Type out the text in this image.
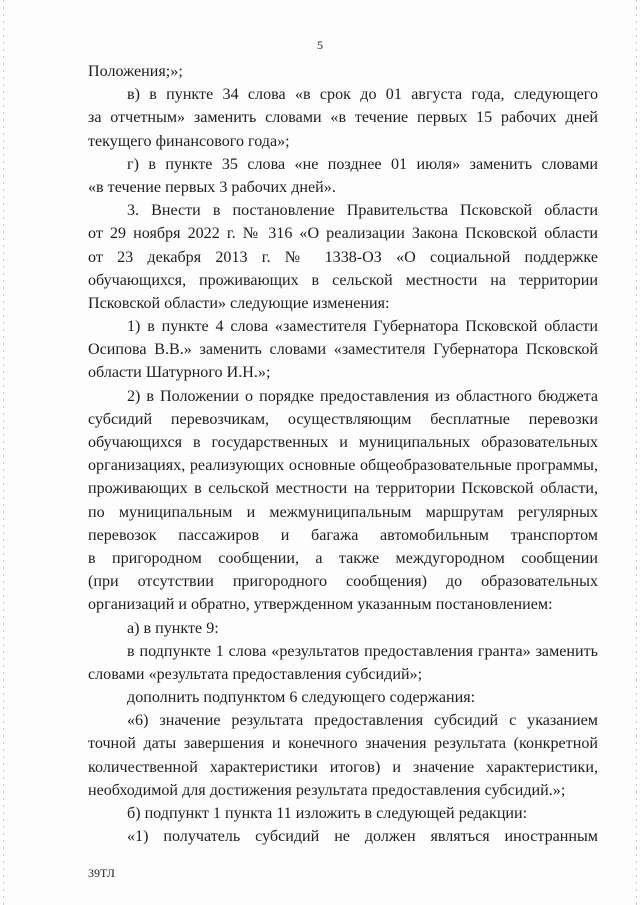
5
Положения;»;
в) в пункте 34 слова «в срок до 01 августа года, следующего
за отчетным» заменить словами «в течение первых 15 рабочих дней
текущего финансового года»;
г) в пункте 35 слова «не позднее 01 июля» заменить словами
«в течение первых 3 рабочих дней».
3. Внести в постановление Правительства Псковской области
от 29 ноября 2022 г. № 316 «О реализации Закона Псковской области
от 23 декабря 2013 г. № 1338-ОЗ «О социальной поддержке
обучающихся, проживающих в сельской местности на территории
Псковской области» следующие изменения:
1) в пункте 4 слова «заместителя Губернатора Псковской области
Осипова В.В.» заменить словами «заместителя Губернатора Псковской
области Шатурного И.Н.»;
2) в Положении о порядке предоставления из областного бюджета
субсидий перевозчикам, осуществляющим бесплатные перевозки
обучающихся в государственных и муниципальных образовательных
организациях, реализующих основные общеобразовательные программы,
проживающих в сельской местности на территории Псковской области,
по муниципальным и межмуниципальным маршрутам регулярных
перевозок пассажиров и багажа автомобильным транспортом
в пригородном сообщении, а также междугородном сообщении
(при отсутствии пригородного сообщения) до образовательных
организаций и обратно, утвержденном указанным постановлением:
а) в пункте 9:
в подпункте 1 слова «результатов предоставления гранта» заменить
словами «результата предоставления субсидий»;
дополнить подпунктом 6 следующего содержания:
«6) значение результата предоставления субсидий с указанием
точной даты завершения и конечного значения результата (конкретной
количественной характеристики итогов) и значение характеристики,
необходимой для достижения результата предоставления субсидий.»;
б) подпункт 1 пункта 11 изложить в следующей редакции:
«1) получатель субсидий не должен являться иностранным
39ТЛ
